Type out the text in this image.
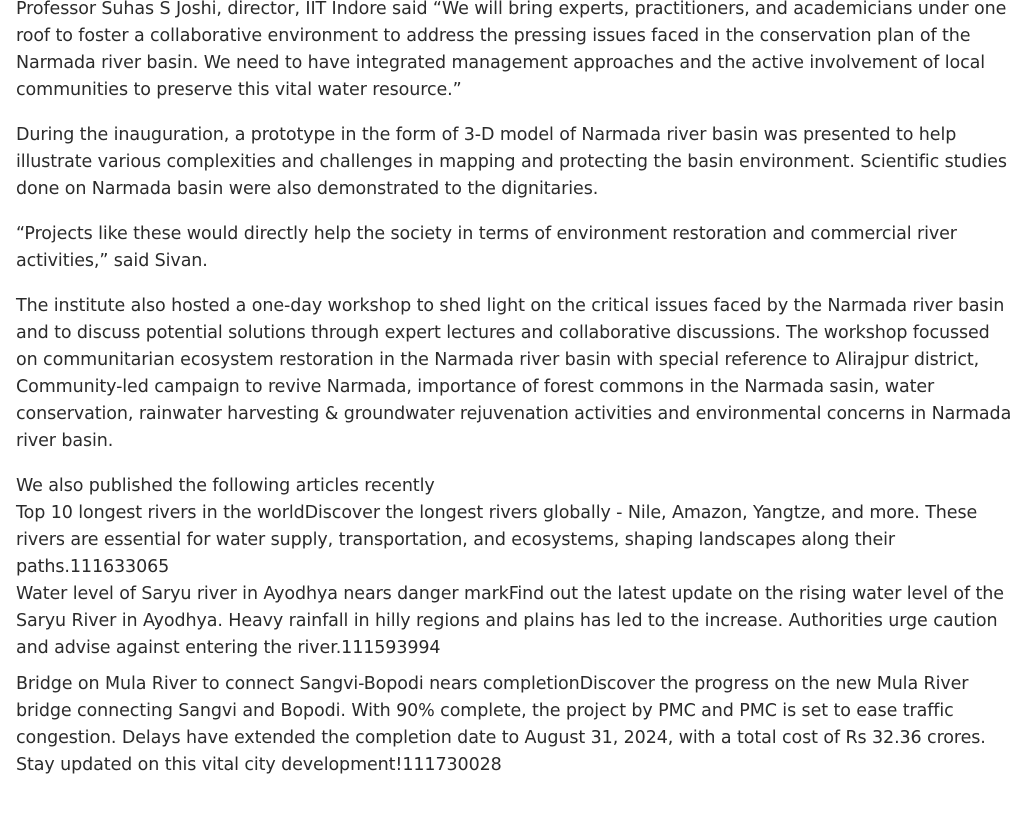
Professor Suhas S Joshi, director, IIT Indore said “We will bring experts, practitioners, and academicians under one roof to foster a collaborative environment to address the pressing issues faced in the conservation plan of the Narmada river basin. We need to have integrated management approaches and the active involvement of local communities to preserve this vital water resource.”

During the inauguration, a prototype in the form of 3-D model of Narmada river basin was presented to help illustrate various complexities and challenges in mapping and protecting the basin environment. Scientific studies done on Narmada basin were also demonstrated to the dignitaries.

“Projects like these would directly help the society in terms of environment restoration and commercial river activities,” said Sivan.

The institute also hosted a one-day workshop to shed light on the critical issues faced by the Narmada river basin and to discuss potential solutions through expert lectures and collaborative discussions. The workshop focussed on communitarian ecosystem restoration in the Narmada river basin with special reference to Alirajpur district, Community-led campaign to revive Narmada, importance of forest commons in the Narmada sasin, water conservation, rainwater harvesting & groundwater rejuvenation activities and environmental concerns in Narmada river basin.

We also published the following articles recently

Top 10 longest rivers in the worldDiscover the longest rivers globally - Nile, Amazon, Yangtze, and more. These rivers are essential for water supply, transportation, and ecosystems, shaping landscapes along their paths.111633065
Water level of Saryu river in Ayodhya nears danger markFind out the latest update on the rising water level of the Saryu River in Ayodhya. Heavy rainfall in hilly regions and plains has led to the increase. Authorities urge caution and advise against entering the river.111593994
Bridge on Mula River to connect Sangvi-Bopodi nears completionDiscover the progress on the new Mula River bridge connecting Sangvi and Bopodi. With 90% complete, the project by PMC and PMC is set to ease traffic congestion. Delays have extended the completion date to August 31, 2024, with a total cost of Rs 32.36 crores. Stay updated on this vital city development!111730028
